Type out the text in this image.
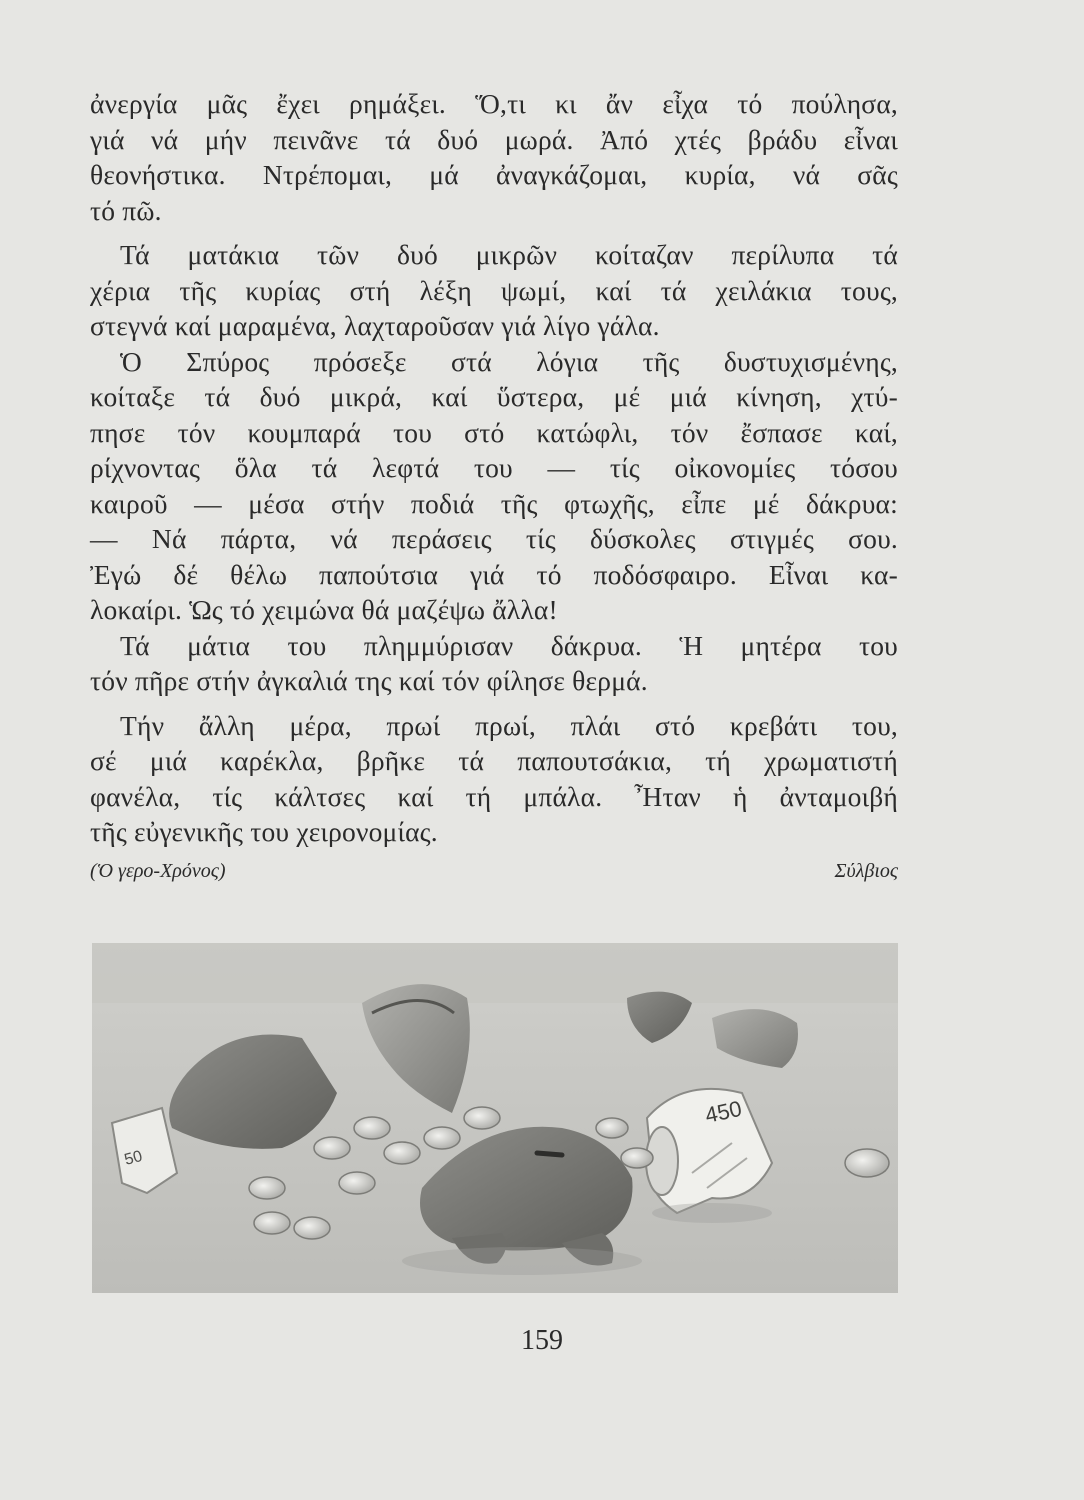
ἀνεργία μᾶς ἔχει ρημάξει. Ὅ,τι κι ἄν εἶχα τό πούλησα,
γιά νά μήν πεινᾶνε τά δυό μωρά. Ἀπό χτές βράδυ εἶναι
θεονήστικα. Ντρέπομαι, μά ἀναγκάζομαι, κυρία, νά σᾶς
τό πῶ.
Τά ματάκια τῶν δυό μικρῶν κοίταζαν περίλυπα τά
χέρια τῆς κυρίας στή λέξη ψωμί, καί τά χειλάκια τους,
στεγνά καί μαραμένα, λαχταροῦσαν γιά λίγο γάλα.
Ὁ Σπύρος πρόσεξε στά λόγια τῆς δυστυχισμένης,
κοίταξε τά δυό μικρά, καί ὕστερα, μέ μιά κίνηση, χτύ-
πησε τόν κουμπαρά του στό κατώφλι, τόν ἔσπασε καί,
ρίχνοντας ὅλα τά λεφτά του — τίς οἰκονομίες τόσου
καιροῦ — μέσα στήν ποδιά τῆς φτωχῆς, εἶπε μέ δάκρυα:
— Νά πάρτα, νά περάσεις τίς δύσκολες στιγμές σου.
Ἐγώ δέ θέλω παπούτσια γιά τό ποδόσφαιρο. Εἶναι κα-
λοκαίρι. Ὡς τό χειμώνα θά μαζέψω ἄλλα!
Τά μάτια του πλημμύρισαν δάκρυα. Ἡ μητέρα του
τόν πῆρε στήν ἀγκαλιά της καί τόν φίλησε θερμά.
Τήν ἄλλη μέρα, πρωί πρωί, πλάι στό κρεβάτι του,
σέ μιά καρέκλα, βρῆκε τά παπουτσάκια, τή χρωματιστή
φανέλα, τίς κάλτσες καί τή μπάλα. Ἦταν ἡ ἀνταμοιβή
τῆς εὐγενικῆς του χειρονομίας.
(Ὁ γερο-Χρόνος)	Σύλβιος
50
450
159
